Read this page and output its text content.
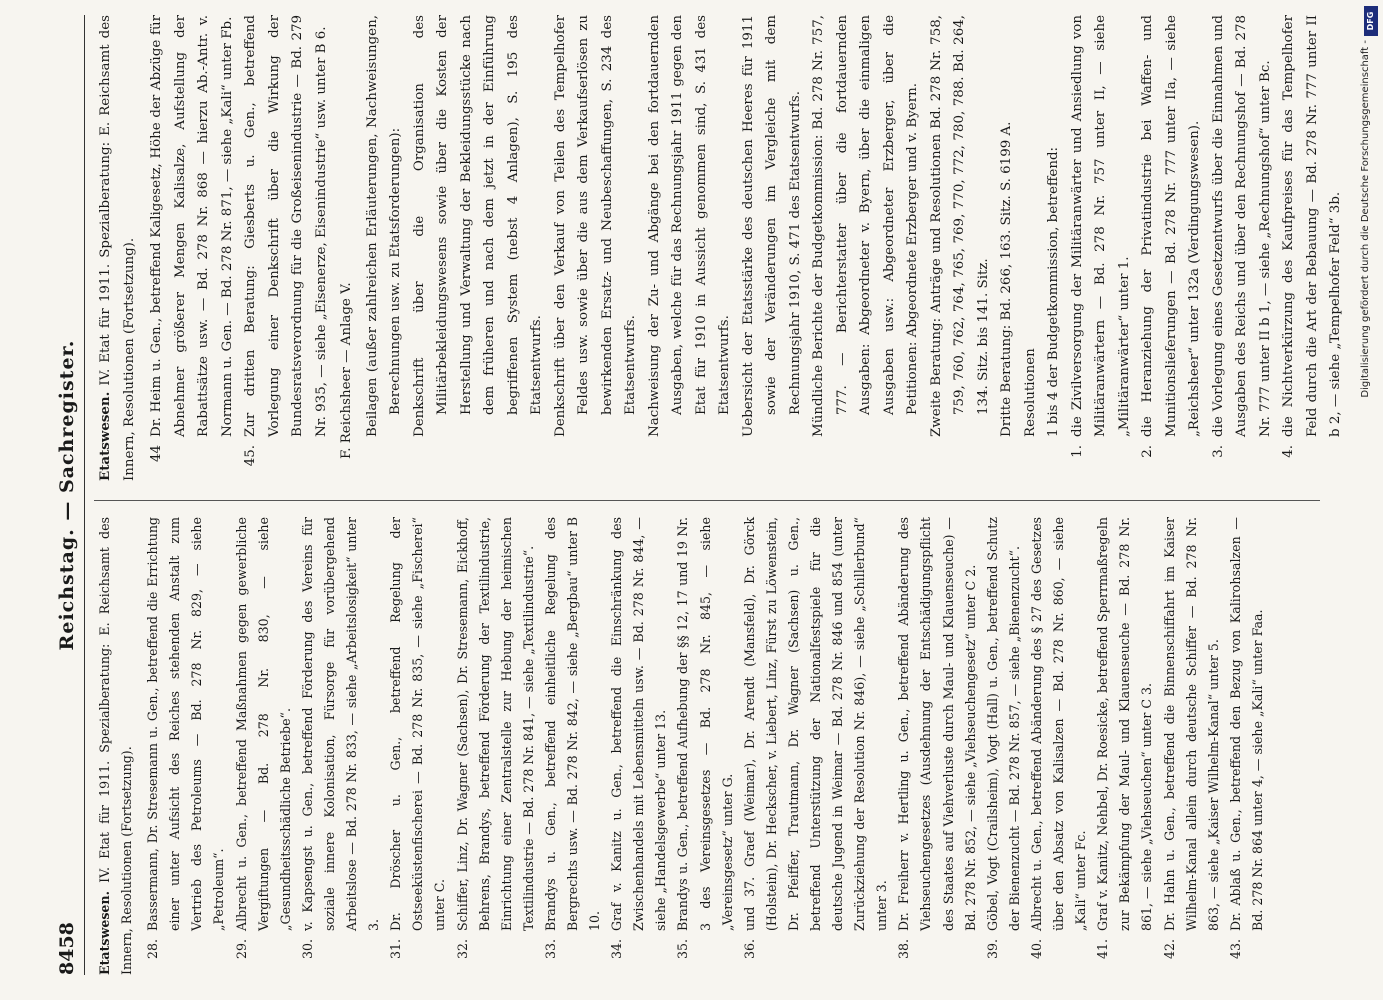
8458
Reichstag. — Sachregister.

Etatswesen. IV. Etat für 1911. Spezialberatung: E. Reichsamt des Innern, Resolutionen (Fortsetzung). 28.
Bassermann, Dr. Stresemann u. Gen., betreffend die Errichtung einer unter Aufsicht des Reiches stehenden Anstalt zum Vertrieb des Petroleums — Bd. 278 Nr. 829, — siehe „Petroleum“.

29.
Albrecht u. Gen., betreffend Maßnahmen gegen gewerbliche Vergiftungen — Bd. 278 Nr. 830, — siehe „Gesundheitsschädliche Betriebe“.

30.
v. Kapsengst u. Gen., betreffend Förderung des Vereins für soziale innere Kolonisation, Fürsorge für vorübergehend Arbeitslose — Bd. 278 Nr. 833, — siehe „Arbeitslosigkeit“ unter 3.

31.
Dr. Dröscher u. Gen., betreffend Regelung der Ostseeküstenfischerei — Bd. 278 Nr. 835, — siehe „Fischerei“ unter C.

32.
Schiffer, Linz, Dr. Wagner (Sachsen), Dr. Stresemann, Eickhoff, Behrens, Brandys, betreffend Förderung der Textilindustrie, Einrichtung einer Zentralstelle zur Hebung der heimischen Textilindustrie — Bd. 278 Nr. 841, — siehe „Textilindustrie“.

33.
Brandys u. Gen., betreffend einheitliche Regelung des Bergrechts usw. — Bd. 278 Nr. 842, — siehe „Bergbau“ unter B 10.

34.
Graf v. Kanitz u. Gen., betreffend die Einschränkung des Zwischenhandels mit Lebensmitteln usw. — Bd. 278 Nr. 844, — siehe „Handelsgewerbe“ unter 13.

35.
Brandys u. Gen., betreffend Aufhebung der §§ 12, 17 und 19 Nr. 3 des Vereinsgesetzes — Bd. 278 Nr. 845, — siehe „Vereinsgesetz“ unter G.

36.
und 37. Graef (Weimar), Dr. Arendt (Mansfeld), Dr. Görck (Holstein), Dr. Heckscher, v. Liebert, Linz, Fürst zu Löwenstein, Dr. Pfeiffer, Trautmann, Dr. Wagner (Sachsen) u. Gen., betreffend Unterstützung der Nationalfestspiele für die deutsche Jugend in Weimar — Bd. 278 Nr. 846 und 854 (unter Zurückziehung der Resolution Nr. 846), — siehe „Schillerbund“ unter 3.

38.
Dr. Freiherr v. Hertling u. Gen., betreffend Abänderung des Viehseuchengesetzes (Ausdehnung der Entschädigungspflicht des Staates auf Viehverluste durch Maul- und Klauenseuche) — Bd. 278 Nr. 852, — siehe „Viehseuchengesetz“ unter C 2.

39.
Göbel, Vogt (Crailsheim), Vogt (Hall) u. Gen., betreffend Schutz der Bienenzucht — Bd. 278 Nr. 857, — siehe „Bienenzucht“.

40.
Albrecht u. Gen., betreffend Abänderung des § 27 des Gesetzes über den Absatz von Kalisalzen — Bd. 278 Nr. 860, — siehe „Kali“ unter Fc.

41.
Graf v. Kanitz, Nehbel, Dr. Roesicke, betreffend Sperrmaßregeln zur Bekämpfung der Maul- und Klauenseuche — Bd. 278 Nr. 861, — siehe „Viehseuchen“ unter C 3.

42.
Dr. Hahn u. Gen., betreffend die Binnenschiffahrt im Kaiser Wilhelm-Kanal allein durch deutsche Schiffer — Bd. 278 Nr. 863, — siehe „Kaiser Wilhelm-Kanal“ unter 5.

43.
Dr. Ablaß u. Gen., betreffend den Bezug von Kalirohsalzen — Bd. 278 Nr. 864 unter 4, — siehe „Kali“ unter Faa.

Etatswesen. IV. Etat für 1911. Spezialberatung: E. Reichsamt des Innern, Resolutionen (Fortsetzung). 44
Dr. Heim u. Gen., betreffend Kaligesetz, Höhe der Abzüge für Abnehmer größerer Mengen Kalisalze, Aufstellung der Rabattsätze usw. — Bd. 278 Nr. 868 — hierzu Ab.-Antr. v. Normann u. Gen. — Bd. 278 Nr. 871, — siehe „Kali“ unter Fb.

45.
Zur dritten Beratung: Giesberts u. Gen., betreffend Vorlegung einer Denkschrift über die Wirkung der Bundesratsverordnung für die Großeisenindustrie — Bd. 279 Nr. 935, — siehe „Eisenerze, Eisenindustrie“ usw. unter B 6. F. Reichsheer — Anlage V. Beilagen (außer zahlreichen Erläuterungen, Nachweisungen, Berechnungen usw. zu Etatsforderungen): Denkschrift über die Organisation des Militärbekleidungswesens sowie über die Kosten der Herstellung und Verwaltung der Bekleidungsstücke nach dem früheren und nach dem jetzt in der Einführung begriffenen System (nebst 4 Anlagen), S. 195 des Etatsentwurfs. Denkschrift über den Verkauf von Teilen des Tempelhofer Feldes usw. sowie über die aus dem Verkaufserlösen zu bewirkenden Ersatz- und Neubeschaffungen, S. 234 des Etatsentwurfs. Nachweisung der Zu- und Abgänge bei den fortdauernden Ausgaben, welche für das Rechnungsjahr 1911 gegen den Etat für 1910 in Aussicht genommen sind, S. 431 des Etatsentwurfs. Uebersicht der Etatsstärke des deutschen Heeres für 1911 sowie der Veränderungen im Vergleiche mit dem Rechnungsjahr 1910, S. 471 des Etatsentwurfs. Mündliche Berichte der Budgetkommission: Bd. 278 Nr. 757, 777. — Berichterstatter über die fortdauernden Ausgaben: Abgeordneter v. Byern, über die einmaligen Ausgaben usw.: Abgeordneter Erzberger, über die Petitionen: Abgeordnete Erzberger und v. Byern. Zweite Beratung: Anträge und Resolutionen Bd. 278 Nr. 758, 759, 760, 762, 764, 765, 769, 770, 772, 780, 788. Bd. 264, 134. Sitz. bis 141. Sitz. Dritte Beratung: Bd. 266, 163. Sitz. S. 6199 A. Resolutionen 1 bis 4 der Budgetkommission, betreffend:

1.
die Zivilversorgung der Militäranwärter und Ansiedlung von Militäranwärtern — Bd. 278 Nr. 757 unter II, — siehe „Militäranwärter“ unter 1.

2.
die Heranziehung der Privatindustrie bei Waffen- und Munitionslieferungen — Bd. 278 Nr. 777 unter IIa, — siehe „Reichsheer“ unter 132a (Verdingungswesen).

3.
die Vorlegung eines Gesetzentwurfs über die Einnahmen und Ausgaben des Reichs und über den Rechnungshof — Bd. 278 Nr. 777 unter II b 1, — siehe „Rechnungshof“ unter Bc.

4.
die Nichtverkürzung des Kaufpreises für das Tempelhofer Feld durch die Art der Bebauung — Bd. 278 Nr. 777 unter II b 2, — siehe „Tempelhofer Feld“ 3b.

DFG
Digitalisierung gefördert durch die Deutsche Forschungsgemeinschaft -
